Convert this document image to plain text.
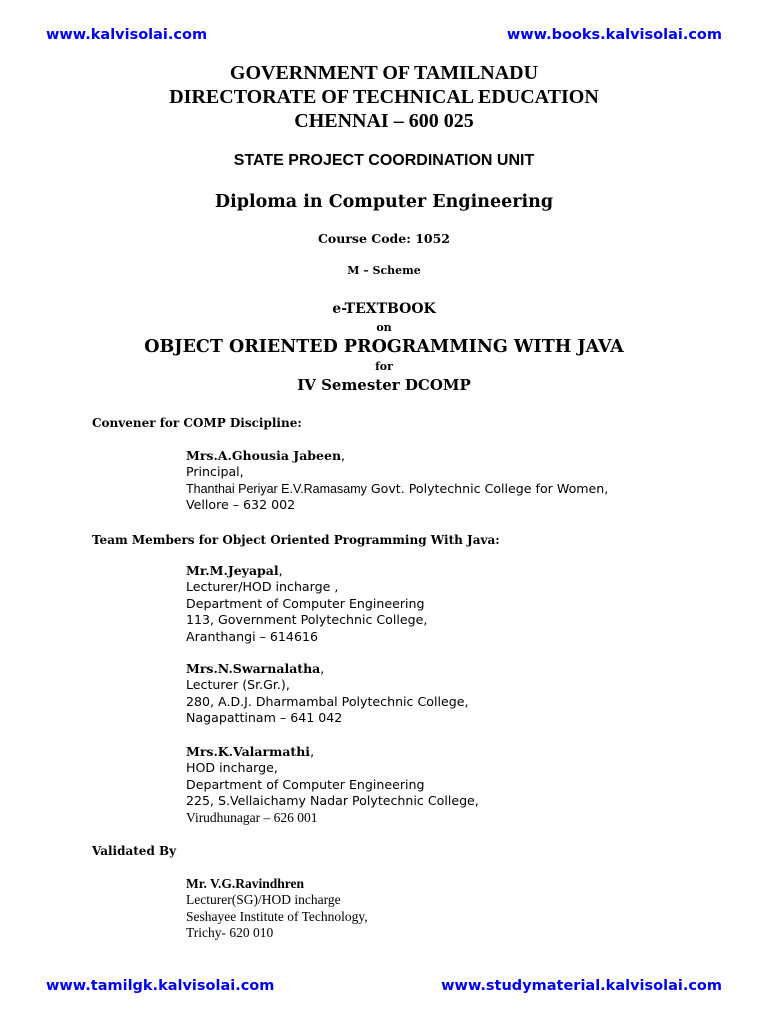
www.kalvisolai.com	www.books.kalvisolai.com
GOVERNMENT OF TAMILNADU
DIRECTORATE OF TECHNICAL EDUCATION
CHENNAI – 600 025
STATE PROJECT COORDINATION UNIT
Diploma in Computer Engineering
Course Code: 1052
M – Scheme
e-TEXTBOOK
on
OBJECT ORIENTED PROGRAMMING WITH JAVA
for
IV Semester DCOMP
Convener for COMP Discipline:
Mrs.A.Ghousia Jabeen,
Principal,
Thanthai Periyar E.V.Ramasamy Govt. Polytechnic College for Women,
Vellore – 632 002
Team Members for Object Oriented Programming With Java:
Mr.M.Jeyapal,
Lecturer/HOD incharge ,
Department of Computer Engineering
113, Government Polytechnic College,
Aranthangi – 614616
Mrs.N.Swarnalatha,
Lecturer (Sr.Gr.),
280, A.D.J. Dharmambal Polytechnic College,
Nagapattinam – 641 042
Mrs.K.Valarmathi,
HOD incharge,
Department of Computer Engineering
225, S.Vellaichamy Nadar Polytechnic College,
Virudhunagar – 626 001
Validated By
Mr. V.G.Ravindhren
Lecturer(SG)/HOD incharge
Seshayee Institute of Technology,
Trichy- 620 010
www.tamilgk.kalvisolai.com	www.studymaterial.kalvisolai.com
